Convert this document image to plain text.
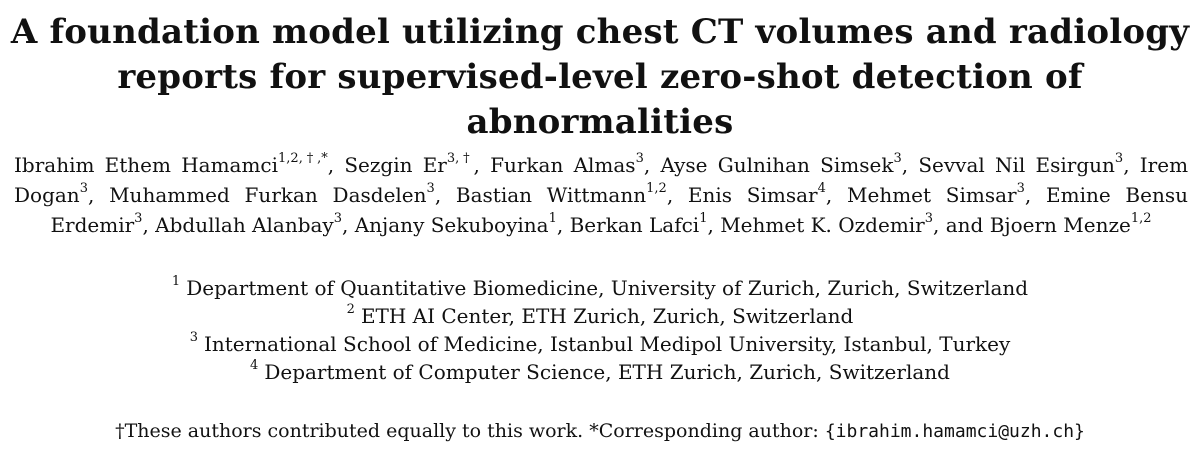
A foundation model utilizing chest CT volumes and radiology
reports for supervised-level zero-shot detection of abnormalities
Ibrahim Ethem Hamamci$^{1,2,\dagger,*}$, Sezgin $Er^{3,\dagger}$, Furkan Almas$^3$, Ayse Gulnihan Simsek$^3$, Sevval Nil Esirgun$^3$, Irem Dogan$^3$, Muhammed Furkan Dasdelen$^3$, Bastian Wittmann$^{1,2}$, Enis Simsar$^4$, Mehmet Simsar$^3$, Emine Bensu Erdemir$^3$, Abdullah Alanbay$^3$, Anjany Sekuboyina$^1$, Berkan Lafci$^1$, Mehmet K. Ozdemir$^3$, and Bjoern Menze$^{1,2}$
$^1$ Department of Quantitative Biomedicine, University of Zurich, Zurich, Switzerland
$^2$ ETH AI Center, ETH Zurich, Zurich, Switzerland
$^3$ International School of Medicine, Istanbul Medipol University, Istanbul, Turkey
$^4$ Department of Computer Science, ETH Zurich, Zurich, Switzerland
†These authors contributed equally to this work. *Corresponding author: {ibrahim.hamamci@uzh.ch}
